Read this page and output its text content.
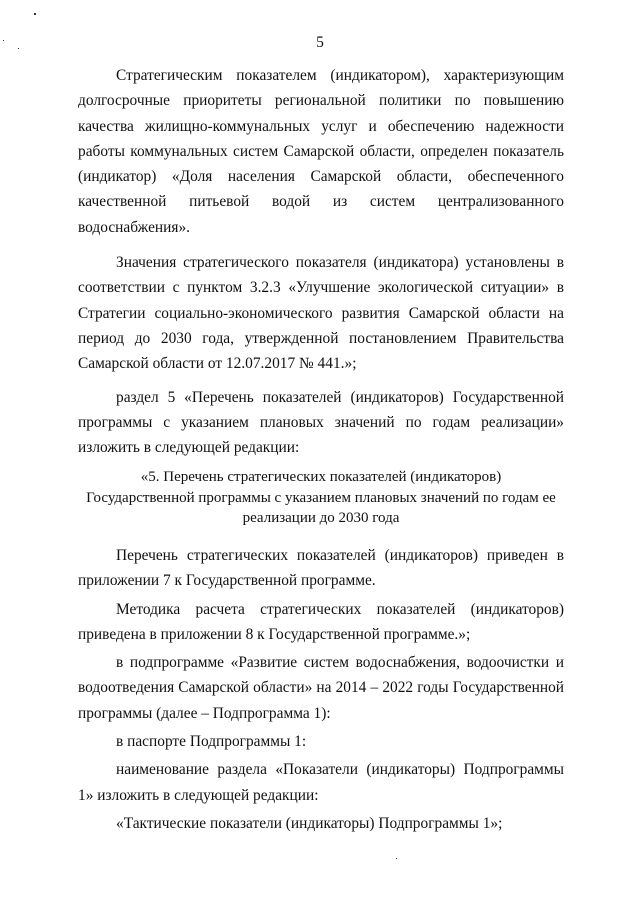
5

Стратегическим показателем (индикатором), характеризующим долгосрочные приоритеты региональной политики по повышению качества жилищно-коммунальных услуг и обеспечению надежности работы коммунальных систем Самарской области, определен показатель (индикатор) «Доля населения Самарской области, обеспеченного качественной питьевой водой из систем централизованного водоснабжения».

Значения стратегического показателя (индикатора) установлены в соответствии с пунктом 3.2.3 «Улучшение экологической ситуации» в Стратегии социально-экономического развития Самарской области на период до 2030 года, утвержденной постановлением Правительства Самарской области от 12.07.2017 № 441.»;

раздел 5 «Перечень показателей (индикаторов) Государственной программы с указанием плановых значений по годам реализации» изложить в следующей редакции:

«5. Перечень стратегических показателей (индикаторов)
Государственной программы с указанием плановых значений по годам ее
реализации до 2030 года

Перечень стратегических показателей (индикаторов) приведен в приложении 7 к Государственной программе.

Методика расчета стратегических показателей (индикаторов) приведена в приложении 8 к Государственной программе.»;

в подпрограмме «Развитие систем водоснабжения, водоочистки и водоотведения Самарской области» на 2014 – 2022 годы Государственной программы (далее – Подпрограмма 1):

в паспорте Подпрограммы 1:

наименование раздела «Показатели (индикаторы) Подпрограммы 1» изложить в следующей редакции:

«Тактические показатели (индикаторы) Подпрограммы 1»;
